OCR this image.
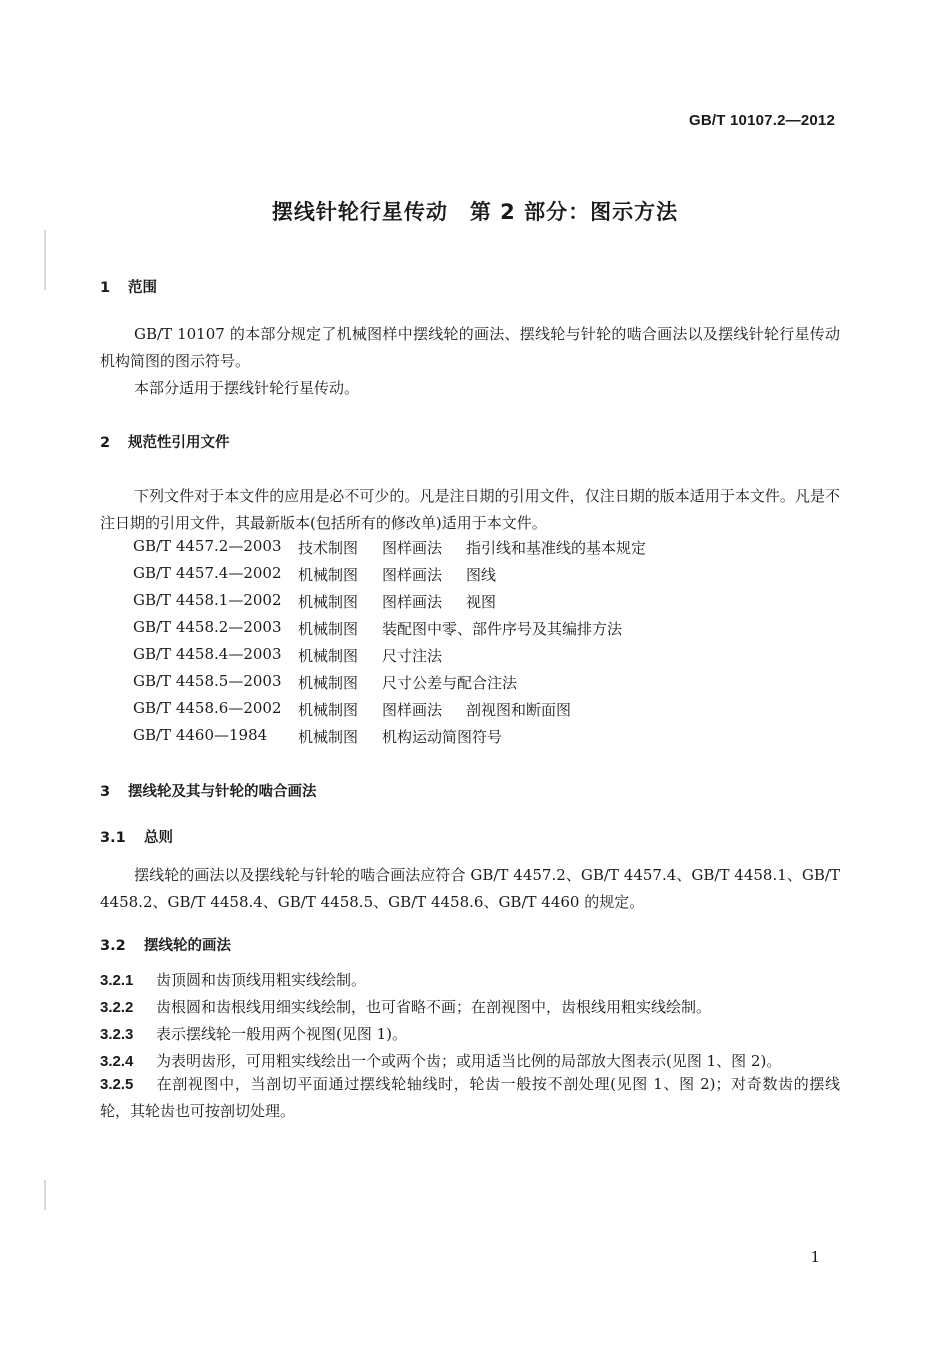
GB/T 10107.2—2012
摆线针轮行星传动　第 2 部分：图示方法
1 范围
GB/T 10107 的本部分规定了机械图样中摆线轮的画法、摆线轮与针轮的啮合画法以及摆线针轮行星传动机构简图的图示符号。
本部分适用于摆线针轮行星传动。
2 规范性引用文件
下列文件对于本文件的应用是必不可少的。凡是注日期的引用文件，仅注日期的版本适用于本文件。凡是不注日期的引用文件，其最新版本(包括所有的修改单)适用于本文件。
GB/T 4457.2—2003	技术制图	图样画法	指引线和基准线的基本规定
GB/T 4457.4—2002	机械制图	图样画法	图线
GB/T 4458.1—2002	机械制图	图样画法	视图
GB/T 4458.2—2003	机械制图	装配图中零、部件序号及其编排方法
GB/T 4458.4—2003	机械制图	尺寸注法
GB/T 4458.5—2003	机械制图	尺寸公差与配合注法
GB/T 4458.6—2002	机械制图	图样画法	剖视图和断面图
GB/T 4460—1984	机械制图	机构运动简图符号
3 摆线轮及其与针轮的啮合画法
3.1 总则
摆线轮的画法以及摆线轮与针轮的啮合画法应符合 GB/T 4457.2、GB/T 4457.4、GB/T 4458.1、GB/T 4458.2、GB/T 4458.4、GB/T 4458.5、GB/T 4458.6、GB/T 4460 的规定。
3.2 摆线轮的画法
3.2.1 齿顶圆和齿顶线用粗实线绘制。
3.2.2 齿根圆和齿根线用细实线绘制，也可省略不画；在剖视图中，齿根线用粗实线绘制。
3.2.3 表示摆线轮一般用两个视图(见图 1)。
3.2.4 为表明齿形，可用粗实线绘出一个或两个齿；或用适当比例的局部放大图表示(见图 1、图 2)。
3.2.5 在剖视图中，当剖切平面通过摆线轮轴线时，轮齿一般按不剖处理(见图 1、图 2)；对奇数齿的摆线轮，其轮齿也可按剖切处理。
1
